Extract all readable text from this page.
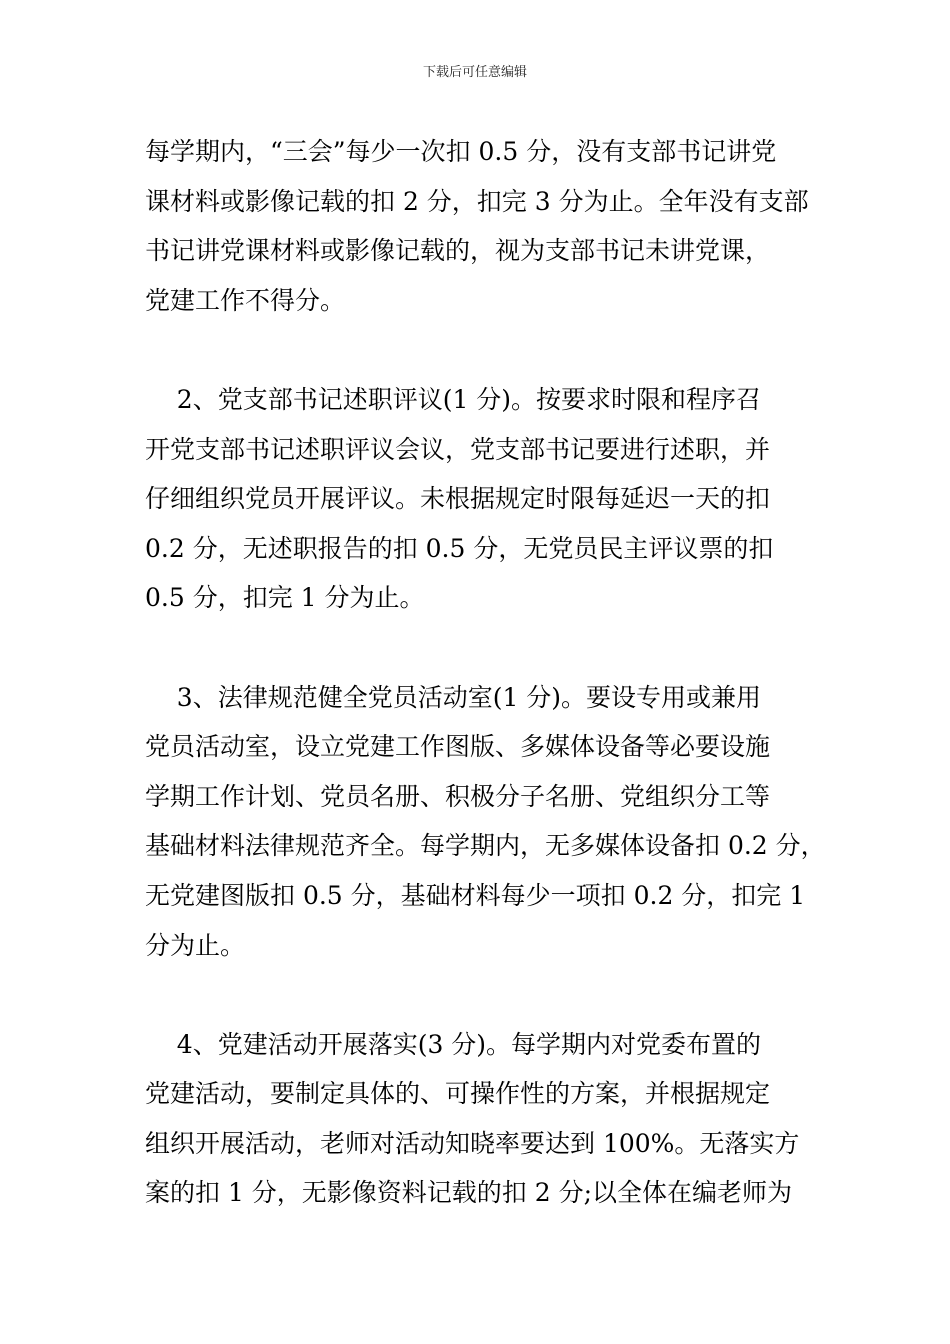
下载后可任意编辑
每学期内，“三会”每少一次扣 0.5 分，没有支部书记讲党
课材料或影像记载的扣 2 分，扣完 3 分为止。全年没有支部
书记讲党课材料或影像记载的，视为支部书记未讲党课，
党建工作不得分。
2、党支部书记述职评议(1 分)。按要求时限和程序召
开党支部书记述职评议会议，党支部书记要进行述职，并
仔细组织党员开展评议。未根据规定时限每延迟一天的扣
0.2 分，无述职报告的扣 0.5 分，无党员民主评议票的扣
0.5 分，扣完 1 分为止。
3、法律规范健全党员活动室(1 分)。要设专用或兼用
党员活动室，设立党建工作图版、多媒体设备等必要设施
学期工作计划、党员名册、积极分子名册、党组织分工等
基础材料法律规范齐全。每学期内，无多媒体设备扣 0.2 分，
无党建图版扣 0.5 分，基础材料每少一项扣 0.2 分，扣完 1
分为止。
4、党建活动开展落实(3 分)。每学期内对党委布置的
党建活动，要制定具体的、可操作性的方案，并根据规定
组织开展活动，老师对活动知晓率要达到 100%。无落实方
案的扣 1 分，无影像资料记载的扣 2 分;以全体在编老师为
